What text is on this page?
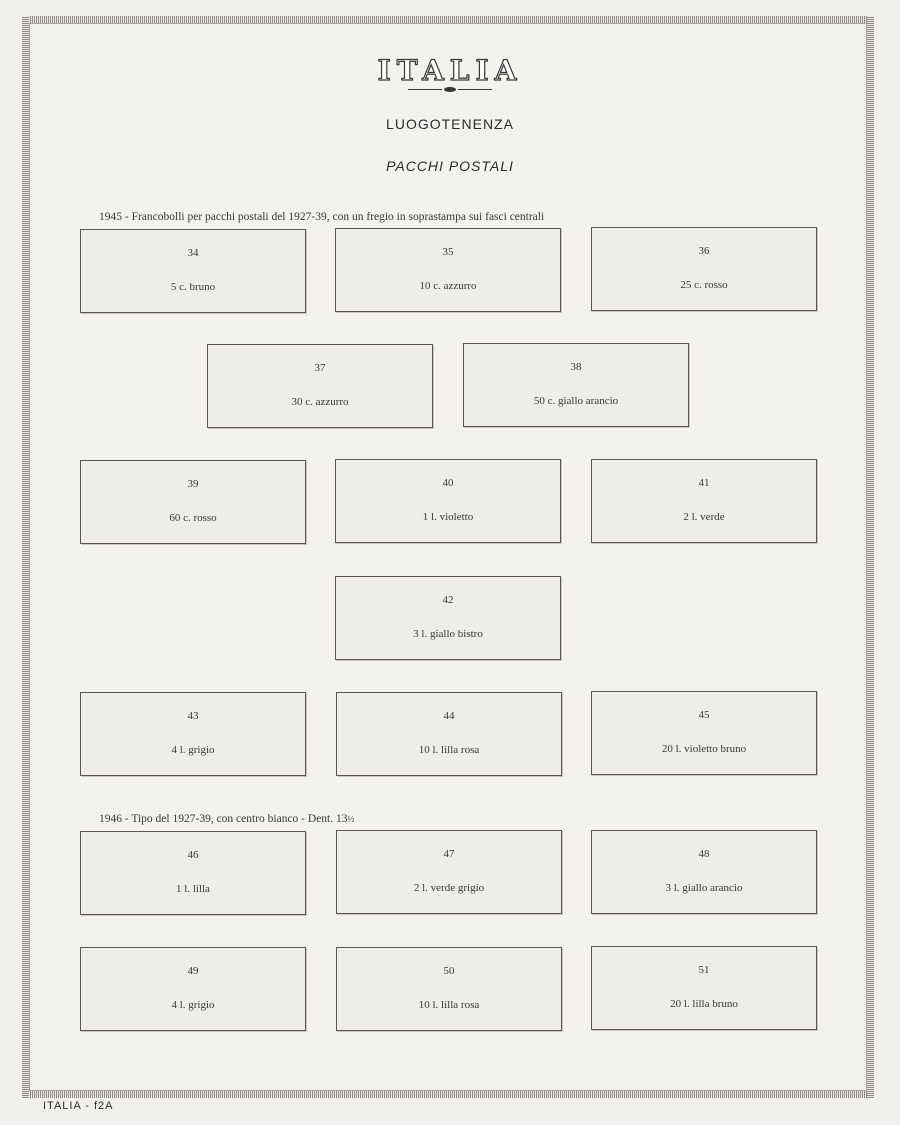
ITALIA
LUOGOTENENZA
PACCHI POSTALI
1945 - Francobolli per pacchi postali del 1927-39, con un fregio in soprastampa sui fasci centrali
1946 - Tipo del 1927-39, con centro bianco - Dent. 13½
34
5 c. bruno
35
10 c. azzurro
36
25 c. rosso
37
30 c. azzurro
38
50 c. giallo arancio
39
60 c. rosso
40
1 l. violetto
41
2 l. verde
42
3 l. giallo bistro
43
4 l. grigio
44
10 l. lilla rosa
45
20 l. violetto bruno
46
1 l. lilla
47
2 l. verde grigio
48
3 l. giallo arancio
49
4 l. grigio
50
10 l. lilla rosa
51
20 l. lilla bruno
ITALIA - f2A
